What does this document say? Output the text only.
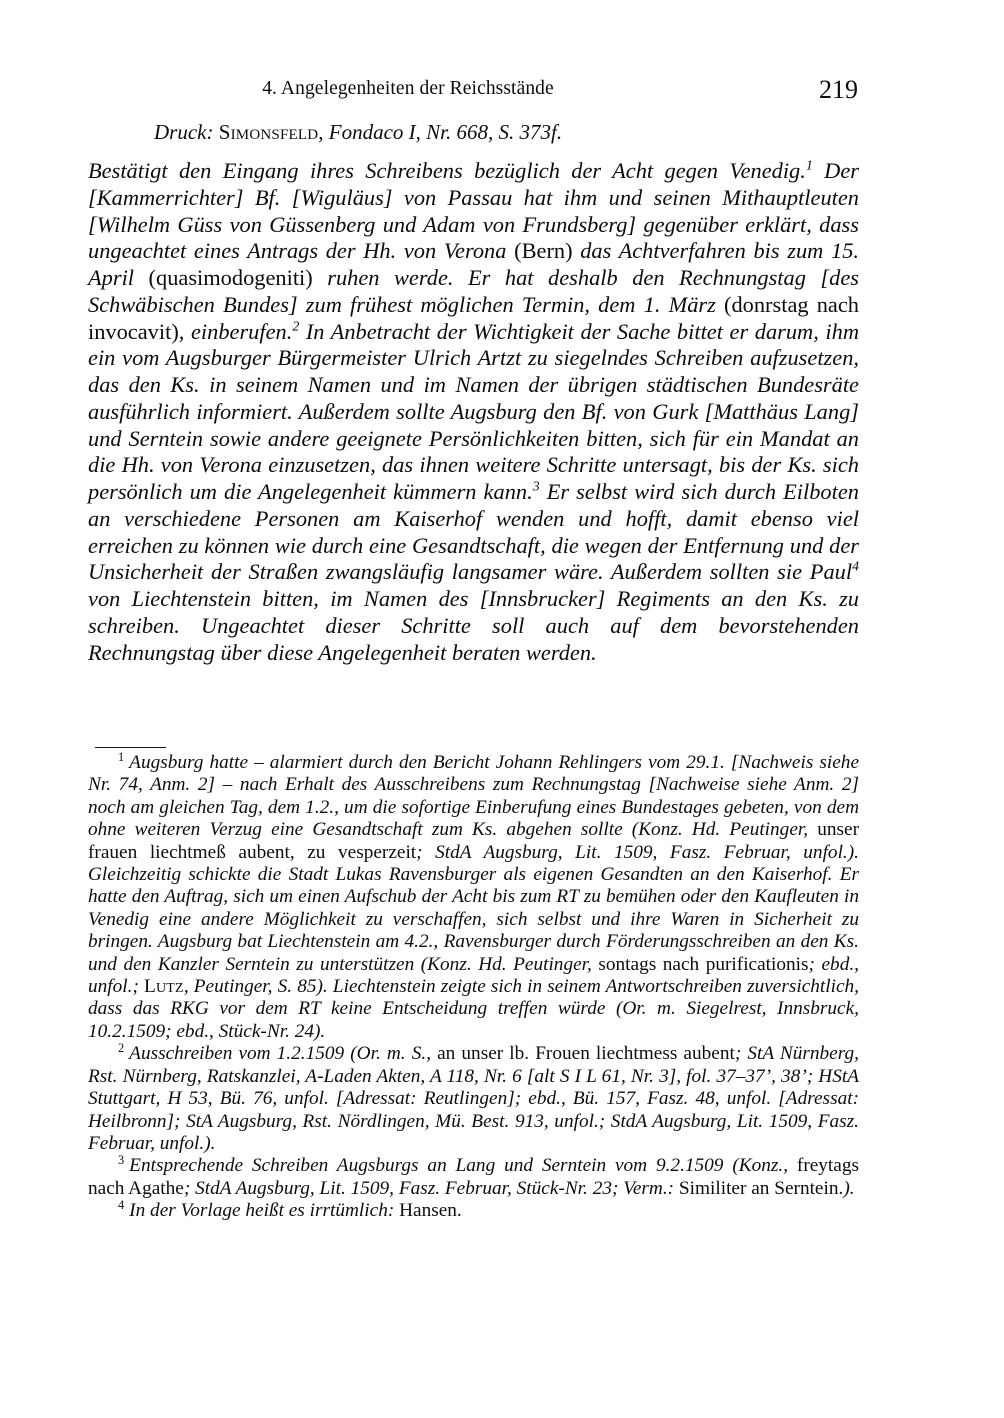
4. Angelegenheiten der Reichsstände	219
Druck: Simonsfeld, Fondaco I, Nr. 668, S. 373f.
Bestätigt den Eingang ihres Schreibens bezüglich der Acht gegen Venedig.$^1$ Der [Kammerrichter] Bf. [Wiguläus] von Passau hat ihm und seinen Mithauptleuten [Wilhelm Güss von Güssenberg und Adam von Frundsberg] gegenüber erklärt, dass ungeachtet eines Antrags der Hh. von Verona (Bern) das Achtverfahren bis zum 15. April (quasimodogeniti) ruhen werde. Er hat deshalb den Rechnungstag [des Schwäbischen Bundes] zum frühest möglichen Termin, dem 1. März (donrstag nach invocavit), einberufen.$^2$ In Anbetracht der Wichtigkeit der Sache bittet er darum, ihm ein vom Augsburger Bürgermeister Ulrich Artzt zu siegelndes Schreiben aufzusetzen, das den Ks. in seinem Namen und im Namen der übrigen städtischen Bundesräte ausführlich informiert. Außerdem sollte Augsburg den Bf. von Gurk [Matthäus Lang] und Serntein sowie andere geeignete Persönlichkeiten bitten, sich für ein Mandat an die Hh. von Verona einzusetzen, das ihnen weitere Schritte untersagt, bis der Ks. sich persönlich um die Angelegenheit kümmern kann.$^3$ Er selbst wird sich durch Eilboten an verschiedene Personen am Kaiserhof wenden und hofft, damit ebenso viel erreichen zu können wie durch eine Gesandtschaft, die wegen der Entfernung und der Unsicherheit der Straßen zwangsläufig langsamer wäre. Außerdem sollten sie Paul$^4$ von Liechtenstein bitten, im Namen des [Innsbrucker] Regiments an den Ks. zu schreiben. Ungeachtet dieser Schritte soll auch auf dem bevorstehenden Rechnungstag über diese Angelegenheit beraten werden.

$^1$ Augsburg hatte – alarmiert durch den Bericht Johann Rehlingers vom 29.1. [Nachweis siehe Nr. 74, Anm. 2] – nach Erhalt des Ausschreibens zum Rechnungstag [Nachweise siehe Anm. 2] noch am gleichen Tag, dem 1.2., um die sofortige Einberufung eines Bundestages gebeten, von dem ohne weiteren Verzug eine Gesandtschaft zum Ks. abgehen sollte (Konz. Hd. Peutinger, unser frauen liechtmeß aubent, zu vesperzeit; StdA Augsburg, Lit. 1509, Fasz. Februar, unfol.). Gleichzeitig schickte die Stadt Lukas Ravensburger als eigenen Gesandten an den Kaiserhof. Er hatte den Auftrag, sich um einen Aufschub der Acht bis zum RT zu bemühen oder den Kaufleuten in Venedig eine andere Möglichkeit zu verschaffen, sich selbst und ihre Waren in Sicherheit zu bringen. Augsburg bat Liechtenstein am 4.2., Ravensburger durch Förderungsschreiben an den Ks. und den Kanzler Serntein zu unterstützen (Konz. Hd. Peutinger, sontags nach purificationis; ebd., unfol.; Lutz, Peutinger, S. 85). Liechtenstein zeigte sich in seinem Antwortschreiben zuversichtlich, dass das RKG vor dem RT keine Entscheidung treffen würde (Or. m. Siegelrest, Innsbruck, 10.2.1509; ebd., Stück-Nr. 24).

$^2$ Ausschreiben vom 1.2.1509 (Or. m. S., an unser lb. Frouen liechtmess aubent; StA Nürnberg, Rst. Nürnberg, Ratskanzlei, A-Laden Akten, A 118, Nr. 6 [alt S I L 61, Nr. 3], fol. 37–37’, 38’; HStA Stuttgart, H 53, Bü. 76, unfol. [Adressat: Reutlingen]; ebd., Bü. 157, Fasz. 48, unfol. [Adressat: Heilbronn]; StA Augsburg, Rst. Nördlingen, Mü. Best. 913, unfol.; StdA Augsburg, Lit. 1509, Fasz. Februar, unfol.).

$^3$ Entsprechende Schreiben Augsburgs an Lang und Serntein vom 9.2.1509 (Konz., freytags nach Agathe; StdA Augsburg, Lit. 1509, Fasz. Februar, Stück-Nr. 23; Verm.: Similiter an Serntein.).

$^4$ In der Vorlage heißt es irrtümlich: Hansen.
